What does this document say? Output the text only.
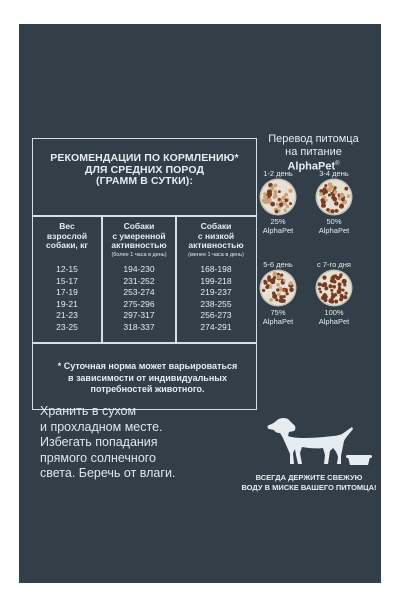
РЕКОМЕНДАЦИИ ПО КОРМЛЕНИЮ*
ДЛЯ СРЕДНИХ ПОРОД
(ГРАММ В СУТКИ):
Вес
взрослой
собаки, кг
Собаки
с умеренной
активностью
(более 1 часа в день)
Собаки
с низкой
активностью
(менее 1 часа в день)
12-15
15-17
17-19
19-21
21-23
23-25
194-230
231-252
253-274
275-296
297-317
318-337
168-198
199-218
219-237
238-255
256-273
274-291
* Суточная норма может варьироваться
в зависимости от индивидуальных
потребностей животного.
Перевод питомца
на питание
AlphaPet®
1-2 день
25%
AlphaPet
3-4 день
50%
AlphaPet
5-6 день
75%
AlphaPet
с 7-го дня
100%
AlphaPet
Хранить в сухом
и прохладном месте.
Избегать попадания
прямого солнечного
света. Беречь от влаги.	ВСЕГДА ДЕРЖИТЕ СВЕЖУЮ
ВОДУ В МИСКЕ ВАШЕГО ПИТОМЦА!
